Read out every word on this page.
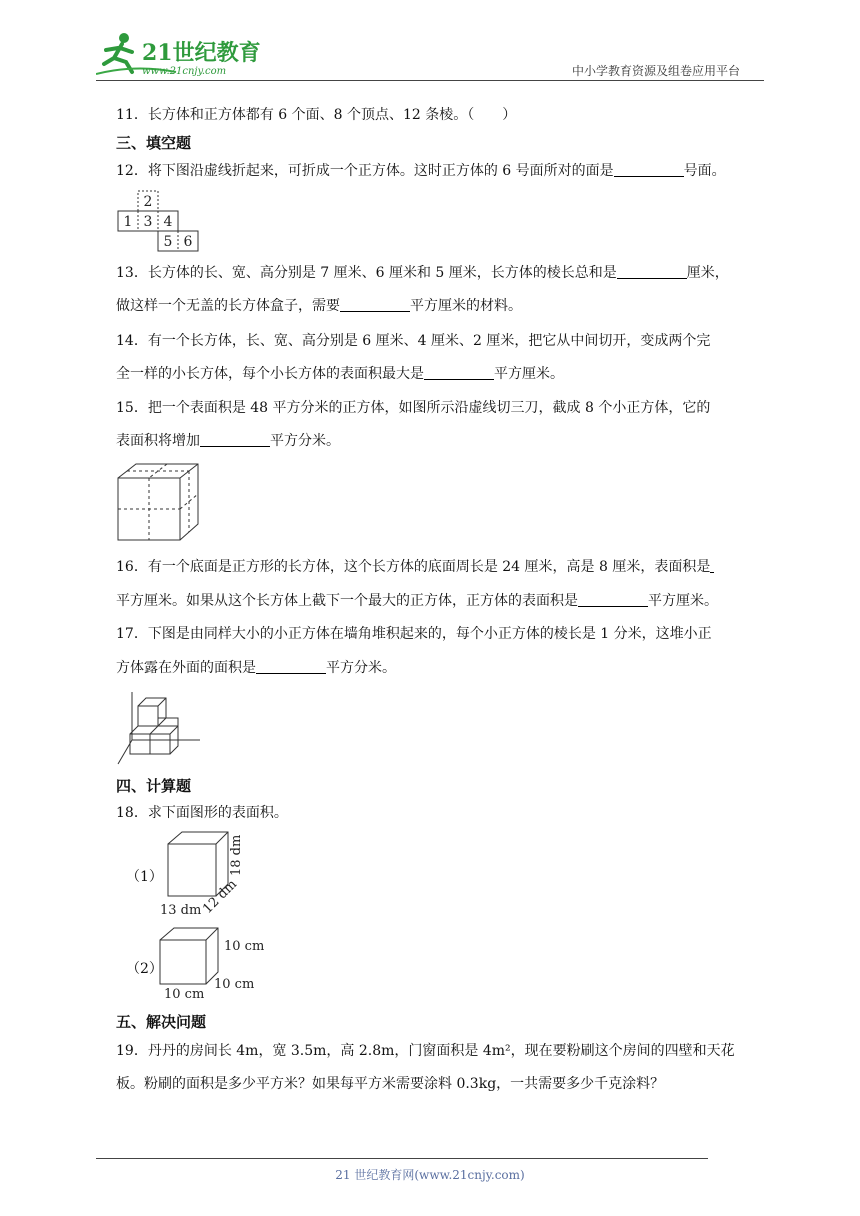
21世纪教育
www.21cnjy.com	中小学教育资源及组卷应用平台
11．长方体和正方体都有 6 个面、8 个顶点、12 条棱。（　　）
三、填空题
12．将下图沿虚线折起来，可折成一个正方体。这时正方体的 6 号面所对的面是	号面。
2
1 3 4
5 6
13．长方体的长、宽、高分别是 7 厘米、6 厘米和 5 厘米，长方体的棱长总和是	厘米，
做这样一个无盖的长方体盒子，需要	平方厘米的材料。
14．有一个长方体，长、宽、高分别是 6 厘米、4 厘米、2 厘米，把它从中间切开，变成两个完
全一样的小长方体，每个小长方体的表面积最大是	平方厘米。
15．把一个表面积是 48 平方分米的正方体，如图所示沿虚线切三刀，截成 8 个小正方体，它的
表面积将增加	平方分米。
16．有一个底面是正方形的长方体，这个长方体的底面周长是 24 厘米，高是 8 厘米，表面积是
平方厘米。如果从这个长方体上截下一个最大的正方体，正方体的表面积是	平方厘米。
17．下图是由同样大小的小正方体在墙角堆积起来的，每个小正方体的棱长是 1 分米，这堆小正
方体露在外面的面积是	平方分米。
四、计算题
18．求下面图形的表面积。
（1）
13 dm
12 dm
18 dm
（2）
10 cm
10 cm
10 cm
五、解决问题
19．丹丹的房间长 4m，宽 3.5m，高 2.8m，门窗面积是 4m²，现在要粉刷这个房间的四壁和天花
板。粉刷的面积是多少平方米？如果每平方米需要涂料 0.3kg，一共需要多少千克涂料？
21 世纪教育网(www.21cnjy.com)
